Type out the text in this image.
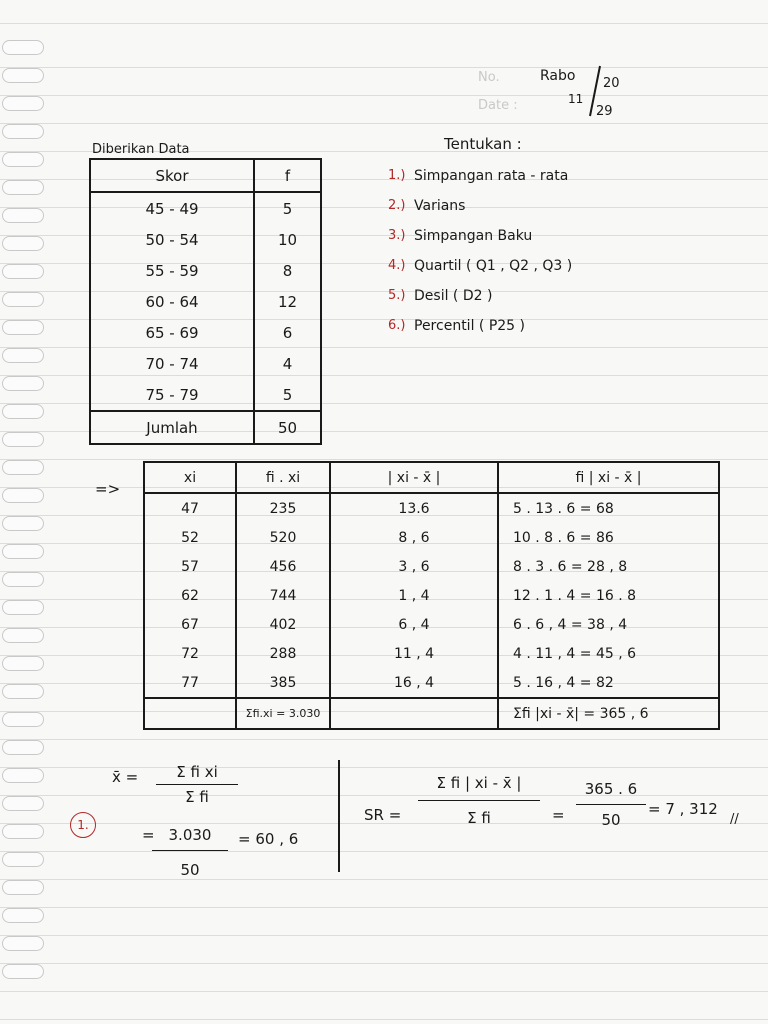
No.
Date :
Rabo
11
20
29
Diberikan Data
Skor	f
45 - 49	5
50 - 54	10
55 - 59	8
60 - 64	12
65 - 69	6
70 - 74	4
75 - 79	5
Jumlah	50
Tentukan :
1.) Simpangan rata - rata
2.) Varians
3.) Simpangan Baku
4.) Quartil ( Q1 , Q2 , Q3 )
5.) Desil ( D2 )
6.) Percentil ( P25 )
=>
xi	fi . xi	| xi - x̄ |	fi | xi - x̄ |
47	235	13.6	5 . 13 . 6 = 68
52	520	8 , 6	10 . 8 . 6 = 86
57	456	3 , 6	8 . 3 . 6 = 28 , 8
62	744	1 , 4	12 . 1 . 4 = 16 . 8
67	402	6 , 4	6 . 6 , 4 = 38 , 4
72	288	11 , 4	4 . 11 , 4 = 45 , 6
77	385	16 , 4	5 . 16 , 4 = 82
	Σfi.xi = 3.030		Σfi |xi - x̄| = 365 , 6
1.
x̄ =	Σ fi xi
Σ fi
= 3.030
50
= 60 , 6
SR =
Σ fi | xi - x̄ |
Σ fi	=
365 . 6
50
= 7 , 312
//
